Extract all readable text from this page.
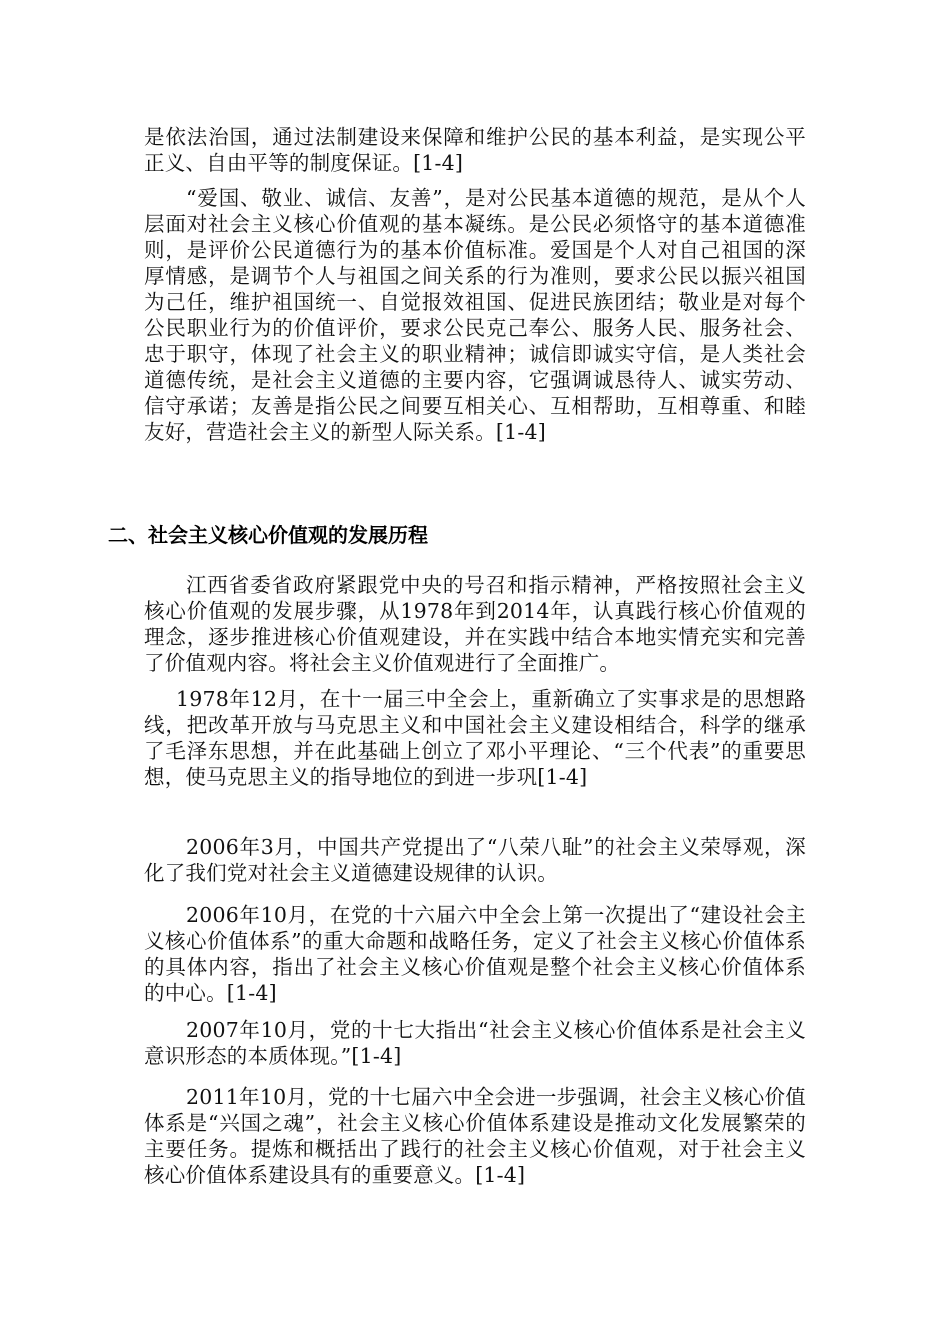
是依法治国，通过法制建设来保障和维护公民的基本利益，是实现公平正义、自由平等的制度保证。[1-4]

“爱国、敬业、诚信、友善”，是对公民基本道德的规范，是从个人层面对社会主义核心价值观的基本凝练。是公民必须恪守的基本道德准则，是评价公民道德行为的基本价值标准。爱国是个人对自己祖国的深厚情感，是调节个人与祖国之间关系的行为准则，要求公民以振兴祖国为己任，维护祖国统一、自觉报效祖国、促进民族团结；敬业是对每个公民职业行为的价值评价，要求公民克己奉公、服务人民、服务社会、忠于职守，体现了社会主义的职业精神；诚信即诚实守信，是人类社会道德传统，是社会主义道德的主要内容，它强调诚恳待人、诚实劳动、信守承诺；友善是指公民之间要互相关心、互相帮助，互相尊重、和睦友好，营造社会主义的新型人际关系。[1-4]

二、社会主义核心价值观的发展历程

江西省委省政府紧跟党中央的号召和指示精神，严格按照社会主义核心价值观的发展步骤，从1978年到2014年，认真践行核心价值观的理念，逐步推进核心价值观建设，并在实践中结合本地实情充实和完善了价值观内容。将社会主义价值观进行了全面推广。

1978年12月，在十一届三中全会上，重新确立了实事求是的思想路线，把改革开放与马克思主义和中国社会主义建设相结合，科学的继承了毛泽东思想，并在此基础上创立了邓小平理论、“三个代表”的重要思想，使马克思主义的指导地位的到进一步巩[1-4]

2006年3月，中国共产党提出了“八荣八耻”的社会主义荣辱观，深化了我们党对社会主义道德建设规律的认识。

2006年10月，在党的十六届六中全会上第一次提出了“建设社会主义核心价值体系”的重大命题和战略任务，定义了社会主义核心价值体系的具体内容，指出了社会主义核心价值观是整个社会主义核心价值体系的中心。[1-4]

2007年10月，党的十七大指出“社会主义核心价值体系是社会主义意识形态的本质体现。”[1-4]

2011年10月，党的十七届六中全会进一步强调，社会主义核心价值体系是“兴国之魂”，社会主义核心价值体系建设是推动文化发展繁荣的主要任务。提炼和概括出了践行的社会主义核心价值观，对于社会主义核心价值体系建设具有的重要意义。[1-4]
